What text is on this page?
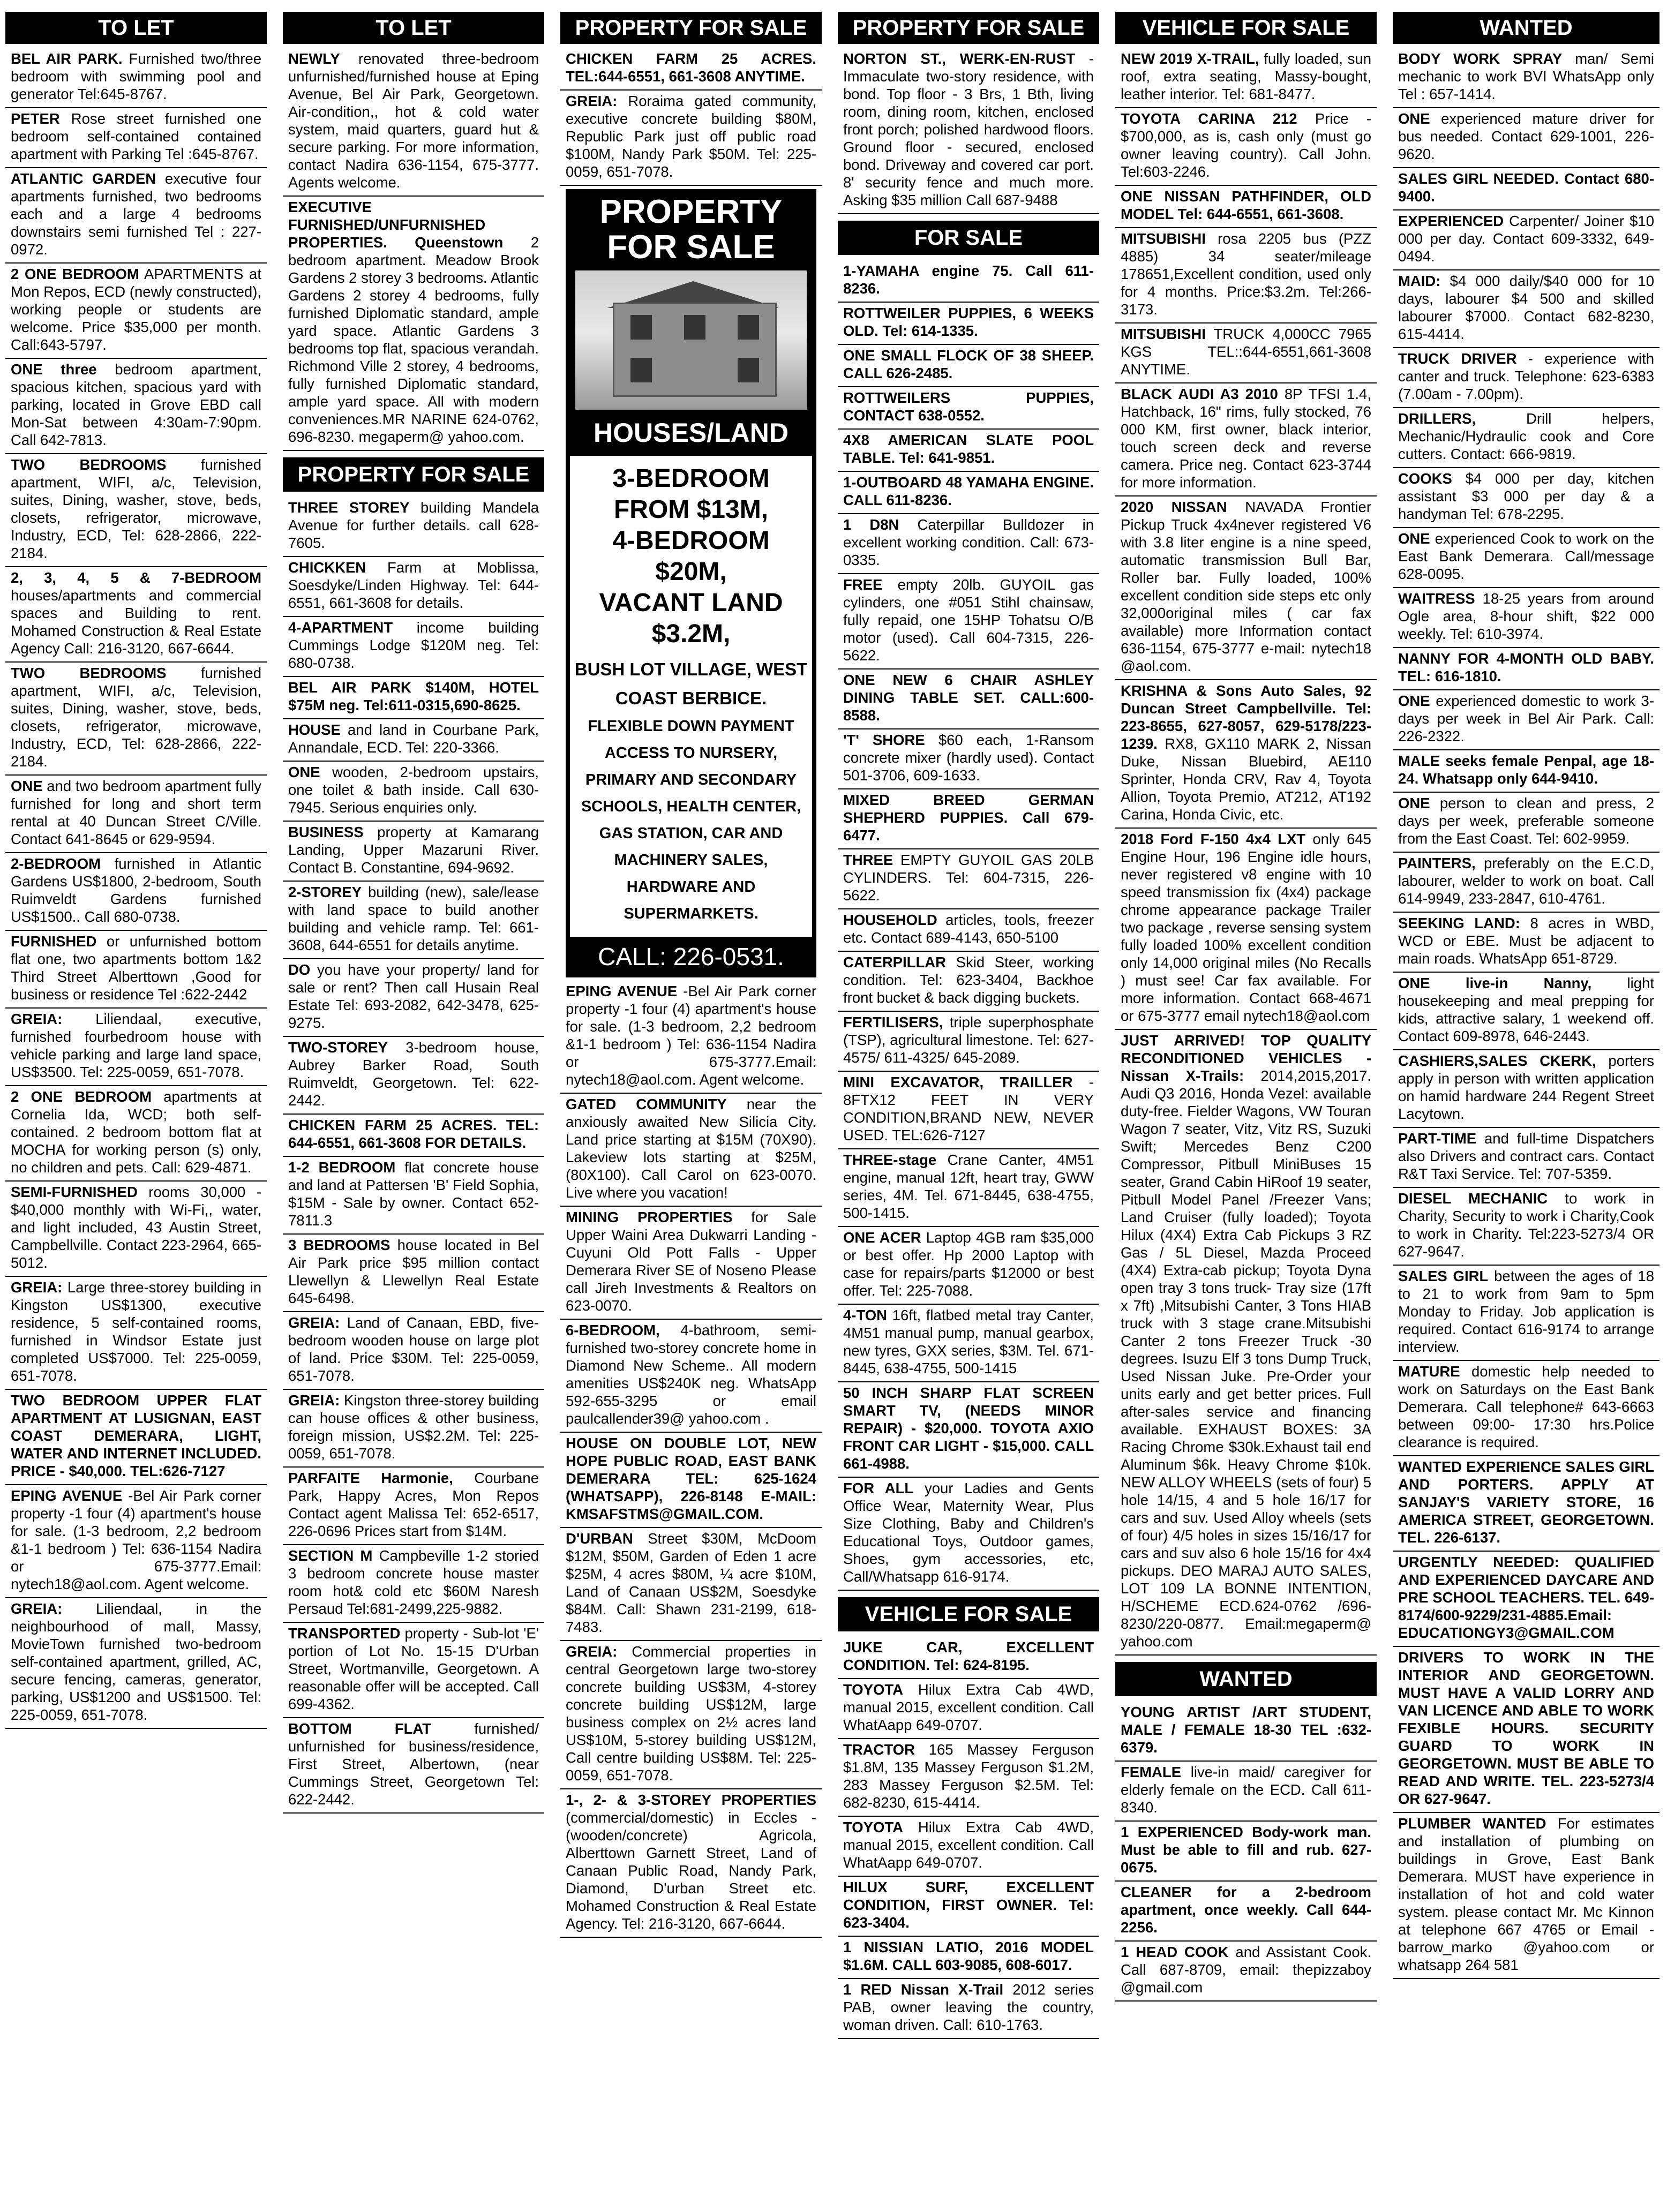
TO LET
BEL AIR PARK. Furnished two/three bedroom with swimming pool and generator Tel:645-8767.
PETER Rose street furnished one bedroom self-contained contained apartment with Parking Tel :645-8767.
ATLANTIC GARDEN executive four apartments furnished, two bedrooms each and a large 4 bedrooms downstairs semi furnished Tel : 227-0972.
2 ONE BEDROOM APARTMENTS at Mon Repos, ECD (newly constructed), working people or students are welcome. Price $35,000 per month. Call:643-5797.
ONE three bedroom apartment, spacious kitchen, spacious yard with parking, located in Grove EBD call Mon-Sat between 4:30am-7:90pm. Call 642-7813.
TWO BEDROOMS furnished apartment, WIFI, a/c, Television, suites, Dining, washer, stove, beds, closets, refrigerator, microwave, Industry, ECD, Tel: 628-2866, 222-2184.
2, 3, 4, 5 & 7-BEDROOM houses/apartments and commercial spaces and Building to rent. Mohamed Construction & Real Estate Agency Call: 216-3120, 667-6644.
TWO BEDROOMS furnished apartment, WIFI, a/c, Television, suites, Dining, washer, stove, beds, closets, refrigerator, microwave, Industry, ECD, Tel: 628-2866, 222-2184.
ONE and two bedroom apartment fully furnished for long and short term rental at 40 Duncan Street C/Ville. Contact 641-8645 or 629-9594.
2-BEDROOM furnished in Atlantic Gardens US$1800, 2-bedroom, South Ruimveldt Gardens furnished US$1500.. Call 680-0738.
FURNISHED or unfurnished bottom flat one, two apartments bottom 1&2 Third Street Alberttown ,Good for business or residence Tel :622-2442
GREIA: Liliendaal, executive, furnished fourbedroom house with vehicle parking and large land space, US$3500. Tel: 225-0059, 651-7078.
2 ONE BEDROOM apartments at Cornelia Ida, WCD; both self-contained. 2 bedroom bottom flat at MOCHA for working person (s) only, no children and pets. Call: 629-4871.
SEMI-FURNISHED rooms 30,000 - $40,000 monthly with Wi-Fi,, water, and light included, 43 Austin Street, Campbellville. Contact 223-2964, 665-5012.
GREIA: Large three-storey building in Kingston US$1300, executive residence, 5 self-contained rooms, furnished in Windsor Estate just completed US$7000. Tel: 225-0059, 651-7078.
TWO BEDROOM UPPER FLAT APARTMENT AT LUSIGNAN, EAST COAST DEMERARA, LIGHT, WATER AND INTERNET INCLUDED. PRICE - $40,000. TEL:626-7127
EPING AVENUE -Bel Air Park corner property -1 four (4) apartment's house for sale. (1-3 bedroom, 2,2 bedroom &1-1 bedroom ) Tel: 636-1154 Nadira or 675-3777.Email: nytech18@aol.com. Agent welcome.
GREIA: Liliendaal, in the neighbourhood of mall, Massy, MovieTown furnished two-bedroom self-contained apartment, grilled, AC, secure fencing, cameras, generator, parking, US$1200 and US$1500. Tel: 225-0059, 651-7078.
TO LET
NEWLY renovated three-bedroom unfurnished/furnished house at Eping Avenue, Bel Air Park, Georgetown. Air-condition,, hot & cold water system, maid quarters, guard hut & secure parking. For more information, contact Nadira 636-1154, 675-3777. Agents welcome.
EXECUTIVE FURNISHED/UNFURNISHED PROPERTIES. Queenstown 2 bedroom apartment. Meadow Brook Gardens 2 storey 3 bedrooms. Atlantic Gardens 2 storey 4 bedrooms, fully furnished Diplomatic standard, ample yard space. Atlantic Gardens 3 bedrooms top flat, spacious verandah. Richmond Ville 2 storey, 4 bedrooms, fully furnished Diplomatic standard, ample yard space. All with modern conveniences.MR NARINE 624-0762, 696-8230. megaperm@ yahoo.com.
PROPERTY FOR SALE
THREE STOREY building Mandela Avenue for further details. call 628-7605.
CHICKKEN Farm at Moblissa, Soesdyke/Linden Highway. Tel: 644-6551, 661-3608 for details.
4-APARTMENT income building Cummings Lodge $120M neg. Tel: 680-0738.
BEL AIR PARK $140M, HOTEL $75M neg. Tel:611-0315,690-8625.
HOUSE and land in Courbane Park, Annandale, ECD. Tel: 220-3366.
ONE wooden, 2-bedroom upstairs, one toilet & bath inside. Call 630-7945. Serious enquiries only.
BUSINESS property at Kamarang Landing, Upper Mazaruni River. Contact B. Constantine, 694-9692.
2-STOREY building (new), sale/lease with land space to build another building and vehicle ramp. Tel: 661-3608, 644-6551 for details anytime.
DO you have your property/ land for sale or rent? Then call Husain Real Estate Tel: 693-2082, 642-3478, 625-9275.
TWO-STOREY 3-bedroom house, Aubrey Barker Road, South Ruimveldt, Georgetown. Tel: 622-2442.
CHICKEN FARM 25 ACRES. TEL: 644-6551, 661-3608 FOR DETAILS.
1-2 BEDROOM flat concrete house and land at Pattersen 'B' Field Sophia, $15M - Sale by owner. Contact 652-7811.3
3 BEDROOMS house located in Bel Air Park price $95 million contact Llewellyn & Llewellyn Real Estate 645-6498.
GREIA: Land of Canaan, EBD, five-bedroom wooden house on large plot of land. Price $30M. Tel: 225-0059, 651-7078.
GREIA: Kingston three-storey building can house offices & other business, foreign mission, US$2.2M. Tel: 225-0059, 651-7078.
PARFAITE Harmonie, Courbane Park, Happy Acres, Mon Repos Contact agent Malissa Tel: 652-6517, 226-0696 Prices start from $14M.
SECTION M Campbeville 1-2 storied 3 bedroom concrete house master room hot& cold etc $60M Naresh Persaud Tel:681-2499,225-9882.
TRANSPORTED property - Sub-lot 'E' portion of Lot No. 15-15 D'Urban Street, Wortmanville, Georgetown. A reasonable offer will be accepted. Call 699-4362.
BOTTOM FLAT furnished/ unfurnished for business/residence, First Street, Albertown, (near Cummings Street, Georgetown Tel: 622-2442.
PROPERTY FOR SALE
CHICKEN FARM 25 ACRES. TEL:644-6551, 661-3608 ANYTIME.
GREIA: Roraima gated community, executive concrete building $80M, Republic Park just off public road $100M, Nandy Park $50M. Tel: 225-0059, 651-7078.
PROPERTY FOR SALE
HOUSES/LAND
3-BEDROOM FROM $13M,
4-BEDROOM $20M,
VACANT LAND $3.2M,
BUSH LOT VILLAGE, WEST COAST BERBICE.
FLEXIBLE DOWN PAYMENT ACCESS TO NURSERY, PRIMARY AND SECONDARY SCHOOLS, HEALTH CENTER, GAS STATION, CAR AND MACHINERY SALES, HARDWARE AND SUPERMARKETS.
CALL: 226-0531.
EPING AVENUE -Bel Air Park corner property -1 four (4) apartment's house for sale. (1-3 bedroom, 2,2 bedroom &1-1 bedroom ) Tel: 636-1154 Nadira or 675-3777.Email: nytech18@aol.com. Agent welcome.
GATED COMMUNITY near the anxiously awaited New Silicia City. Land price starting at $15M (70X90). Lakeview lots starting at $25M, (80X100). Call Carol on 623-0070. Live where you vacation!
MINING PROPERTIES for Sale Upper Waini Area Dukwarri Landing -Cuyuni Old Pott Falls - Upper Demerara River SE of Noseno Please call Jireh Investments & Realtors on 623-0070.
6-BEDROOM, 4-bathroom, semi-furnished two-storey concrete home in Diamond New Scheme.. All modern amenities US$240K neg. WhatsApp 592-655-3295 or email paulcallender39@ yahoo.com .
HOUSE ON DOUBLE LOT, NEW HOPE PUBLIC ROAD, EAST BANK DEMERARA TEL: 625-1624 (WHATSAPP), 226-8148 E-MAIL: KMSAFSTMS@GMAIL.COM.
D'URBAN Street $30M, McDoom $12M, $50M, Garden of Eden 1 acre $25M, 4 acres $80M, ¼ acre $10M, Land of Canaan US$2M, Soesdyke $84M. Call: Shawn 231-2199, 618-7483.
GREIA: Commercial properties in central Georgetown large two-storey concrete building US$3M, 4-storey concrete building US$12M, large business complex on 2½ acres land US$10M, 5-storey building US$12M, Call centre building US$8M. Tel: 225-0059, 651-7078.
1-, 2- & 3-STOREY PROPERTIES (commercial/domestic) in Eccles - (wooden/concrete) Agricola, Alberttown Garnett Street, Land of Canaan Public Road, Nandy Park, Diamond, D'urban Street etc. Mohamed Construction & Real Estate Agency. Tel: 216-3120, 667-6644.
PROPERTY FOR SALE
NORTON ST., WERK-EN-RUST - Immaculate two-story residence, with bond. Top floor - 3 Brs, 1 Bth, living room, dining room, kitchen, enclosed front porch; polished hardwood floors. Ground floor - secured, enclosed bond. Driveway and covered car port. 8' security fence and much more. Asking $35 million Call 687-9488
FOR SALE
1-YAMAHA engine 75. Call 611-8236.
ROTTWEILER PUPPIES, 6 WEEKS OLD. Tel: 614-1335.
ONE SMALL FLOCK OF 38 SHEEP. CALL 626-2485.
ROTTWEILERS PUPPIES, CONTACT 638-0552.
4X8 AMERICAN SLATE POOL TABLE. Tel: 641-9851.
1-OUTBOARD 48 YAMAHA ENGINE. CALL 611-8236.
1 D8N Caterpillar Bulldozer in excellent working condition. Call: 673-0335.
FREE empty 20lb. GUYOIL gas cylinders, one #051 Stihl chainsaw, fully repaid, one 15HP Tohatsu O/B motor (used). Call 604-7315, 226-5622.
ONE NEW 6 CHAIR ASHLEY DINING TABLE SET. CALL:600-8588.
'T' SHORE $60 each, 1-Ransom concrete mixer (hardly used). Contact 501-3706, 609-1633.
MIXED BREED GERMAN SHEPHERD PUPPIES. Call 679-6477.
THREE EMPTY GUYOIL GAS 20LB CYLINDERS. Tel: 604-7315, 226-5622.
HOUSEHOLD articles, tools, freezer etc. Contact 689-4143, 650-5100
CATERPILLAR Skid Steer, working condition. Tel: 623-3404, Backhoe front bucket & back digging buckets.
FERTILISERS, triple superphosphate (TSP), agricultural limestone. Tel: 627-4575/ 611-4325/ 645-2089.
MINI EXCAVATOR, TRAILLER - 8FTX12 FEET IN VERY CONDITION,BRAND NEW, NEVER USED. TEL:626-7127
THREE-stage Crane Canter, 4M51 engine, manual 12ft, heart tray, GWW series, 4M. Tel. 671-8445, 638-4755, 500-1415.
ONE ACER Laptop 4GB ram $35,000 or best offer. Hp 2000 Laptop with case for repairs/parts $12000 or best offer. Tel: 225-7088.
4-TON 16ft, flatbed metal tray Canter, 4M51 manual pump, manual gearbox, new tyres, GXX series, $3M. Tel. 671-8445, 638-4755, 500-1415
50 INCH SHARP FLAT SCREEN SMART TV, (NEEDS MINOR REPAIR) - $20,000. TOYOTA AXIO FRONT CAR LIGHT - $15,000. CALL 661-4988.
FOR ALL your Ladies and Gents Office Wear, Maternity Wear, Plus Size Clothing, Baby and Children's Educational Toys, Outdoor games, Shoes, gym accessories, etc, Call/Whatsapp 616-9174.
VEHICLE FOR SALE
JUKE CAR, EXCELLENT CONDITION. Tel: 624-8195.
TOYOTA Hilux Extra Cab 4WD, manual 2015, excellent condition. Call WhatAapp 649-0707.
TRACTOR 165 Massey Ferguson $1.8M, 135 Massey Ferguson $1.2M, 283 Massey Ferguson $2.5M. Tel: 682-8230, 615-4414.
TOYOTA Hilux Extra Cab 4WD, manual 2015, excellent condition. Call WhatAapp 649-0707.
HILUX SURF, EXCELLENT CONDITION, FIRST OWNER. Tel: 623-3404.
1 NISSIAN LATIO, 2016 MODEL $1.6M. CALL 603-9085, 608-6017.
1 RED Nissan X-Trail 2012 series PAB, owner leaving the country, woman driven. Call: 610-1763.
VEHICLE FOR SALE
NEW 2019 X-TRAIL, fully loaded, sun roof, extra seating, Massy-bought, leather interior. Tel: 681-8477.
TOYOTA CARINA 212 Price - $700,000, as is, cash only (must go owner leaving country). Call John. Tel:603-2246.
ONE NISSAN PATHFINDER, OLD MODEL Tel: 644-6551, 661-3608.
MITSUBISHI rosa 2205 bus (PZZ 4885) 34 seater/mileage 178651,Excellent condition, used only for 4 months. Price:$3.2m. Tel:266-3173.
MITSUBISHI TRUCK 4,000CC 7965 KGS TEL::644-6551,661-3608 ANYTIME.
BLACK AUDI A3 2010 8P TFSI 1.4, Hatchback, 16" rims, fully stocked, 76 000 KM, first owner, black interior, touch screen deck and reverse camera. Price neg. Contact 623-3744 for more information.
2020 NISSAN NAVADA Frontier Pickup Truck 4x4never registered V6 with 3.8 liter engine is a nine speed, automatic transmission Bull Bar, Roller bar. Fully loaded, 100% excellent condition side steps etc only 32,000original miles ( car fax available) more Information contact 636-1154, 675-3777 e-mail: nytech18 @aol.com.
KRISHNA & Sons Auto Sales, 92 Duncan Street Campbellville. Tel: 223-8655, 627-8057, 629-5178/223-1239. RX8, GX110 MARK 2, Nissan Duke, Nissan Bluebird, AE110 Sprinter, Honda CRV, Rav 4, Toyota Allion, Toyota Premio, AT212, AT192 Carina, Honda Civic, etc.
2018 Ford F-150 4x4 LXT only 645 Engine Hour, 196 Engine idle hours, never registered v8 engine with 10 speed transmission fix (4x4) package chrome appearance package Trailer two package , reverse sensing system fully loaded 100% excellent condition only 14,000 original miles (No Recalls ) must see! Car fax available. For more information. Contact 668-4671 or 675-3777 email nytech18@aol.com
JUST ARRIVED! TOP QUALITY RECONDITIONED VEHICLES - Nissan X-Trails: 2014,2015,2017. Audi Q3 2016, Honda Vezel: available duty-free. Fielder Wagons, VW Touran Wagon 7 seater, Vitz, Vitz RS, Suzuki Swift; Mercedes Benz C200 Compressor, Pitbull MiniBuses 15 seater, Grand Cabin HiRoof 19 seater, Pitbull Model Panel /Freezer Vans; Land Cruiser (fully loaded); Toyota Hilux (4X4) Extra Cab Pickups 3 RZ Gas / 5L Diesel, Mazda Proceed (4X4) Extra-cab pickup; Toyota Dyna open tray 3 tons truck- Tray size (17ft x 7ft) ,Mitsubishi Canter, 3 Tons HIAB truck with 3 stage crane.Mitsubishi Canter 2 tons Freezer Truck -30 degrees. Isuzu Elf 3 tons Dump Truck, Used Nissan Juke. Pre-Order your units early and get better prices. Full after-sales service and financing available. EXHAUST BOXES: 3A Racing Chrome $30k.Exhaust tail end Aluminum $6k. Heavy Chrome $10k. NEW ALLOY WHEELS (sets of four) 5 hole 14/15, 4 and 5 hole 16/17 for cars and suv. Used Alloy wheels (sets of four) 4/5 holes in sizes 15/16/17 for cars and suv also 6 hole 15/16 for 4x4 pickups. DEO MARAJ AUTO SALES, LOT 109 LA BONNE INTENTION, H/SCHEME ECD.624-0762 /696-8230/220-0877. Email:megaperm@ yahoo.com
WANTED
YOUNG ARTIST /ART STUDENT, MALE / FEMALE 18-30 TEL :632-6379.
FEMALE live-in maid/ caregiver for elderly female on the ECD. Call 611-8340.
1 EXPERIENCED Body-work man. Must be able to fill and rub. 627-0675.
CLEANER for a 2-bedroom apartment, once weekly. Call 644-2256.
1 HEAD COOK and Assistant Cook. Call 687-8709, email: thepizzaboy @gmail.com
WANTED
BODY WORK SPRAY man/ Semi mechanic to work BVI WhatsApp only Tel : 657-1414.
ONE experienced mature driver for bus needed. Contact 629-1001, 226-9620.
SALES GIRL NEEDED. Contact 680-9400.
EXPERIENCED Carpenter/ Joiner $10 000 per day. Contact 609-3332, 649-0494.
MAID: $4 000 daily/$40 000 for 10 days, labourer $4 500 and skilled labourer $7000. Contact 682-8230, 615-4414.
TRUCK DRIVER - experience with canter and truck. Telephone: 623-6383 (7.00am - 7.00pm).
DRILLERS, Drill helpers, Mechanic/Hydraulic cook and Core cutters. Contact: 666-9819.
COOKS $4 000 per day, kitchen assistant $3 000 per day & a handyman Tel: 678-2295.
ONE experienced Cook to work on the East Bank Demerara. Call/message 628-0095.
WAITRESS 18-25 years from around Ogle area, 8-hour shift, $22 000 weekly. Tel: 610-3974.
NANNY FOR 4-MONTH OLD BABY. TEL: 616-1810.
ONE experienced domestic to work 3-days per week in Bel Air Park. Call: 226-2322.
MALE seeks female Penpal, age 18-24. Whatsapp only 644-9410.
ONE person to clean and press, 2 days per week, preferable someone from the East Coast. Tel: 602-9959.
PAINTERS, preferably on the E.C.D, labourer, welder to work on boat. Call 614-9949, 233-2847, 610-4761.
SEEKING LAND: 8 acres in WBD, WCD or EBE. Must be adjacent to main roads. WhatsApp 651-8729.
ONE live-in Nanny, light housekeeping and meal prepping for kids, attractive salary, 1 weekend off. Contact 609-8978, 646-2443.
CASHIERS,SALES CKERK, porters apply in person with written application on hamid hardware 244 Regent Street Lacytown.
PART-TIME and full-time Dispatchers also Drivers and contract cars. Contact R&T Taxi Service. Tel: 707-5359.
DIESEL MECHANIC to work in Charity, Security to work i Charity,Cook to work in Charity. Tel:223-5273/4 OR 627-9647.
SALES GIRL between the ages of 18 to 21 to work from 9am to 5pm Monday to Friday. Job application is required. Contact 616-9174 to arrange interview.
MATURE domestic help needed to work on Saturdays on the East Bank Demerara. Call telephone# 643-6663 between 09:00- 17:30 hrs.Police clearance is required.
WANTED EXPERIENCE SALES GIRL AND PORTERS. APPLY AT SANJAY'S VARIETY STORE, 16 AMERICA STREET, GEORGETOWN. TEL. 226-6137.
URGENTLY NEEDED: QUALIFIED AND EXPERIENCED DAYCARE AND PRE SCHOOL TEACHERS. TEL. 649-8174/600-9229/231-4885.Email: EDUCATIONGY3@GMAIL.COM
DRIVERS TO WORK IN THE INTERIOR AND GEORGETOWN. MUST HAVE A VALID LORRY AND VAN LICENCE AND ABLE TO WORK FEXIBLE HOURS. SECURITY GUARD TO WORK IN GEORGETOWN. MUST BE ABLE TO READ AND WRITE. TEL. 223-5273/4 OR 627-9647.
PLUMBER WANTED For estimates and installation of plumbing on buildings in Grove, East Bank Demerara. MUST have experience in installation of hot and cold water system. please contact Mr. Mc Kinnon at telephone 667 4765 or Email - barrow_marko @yahoo.com or whatsapp 264 581
